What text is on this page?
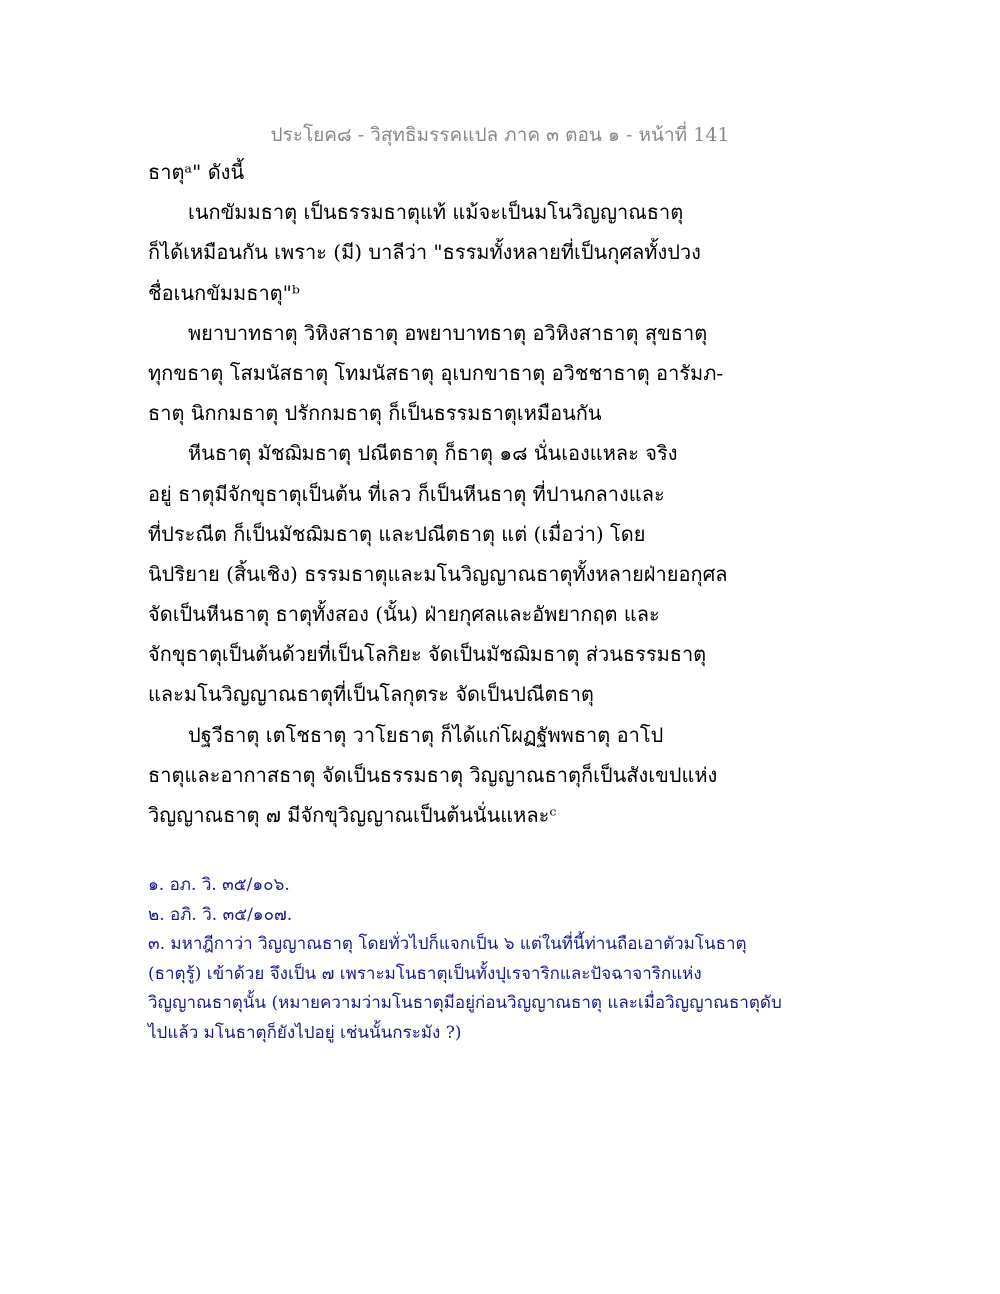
ประโยค๘ - วิสุทธิมรรคแปล ภาค ๓ ตอน ๑ - หน้าที่ 141
ธาตุᵃ" ดังนี้
เนกขัมมธาตุ เป็นธรรมธาตุแท้ แม้จะเป็นมโนวิญญาณธาตุ
ก็ได้เหมือนกัน เพราะ (มี) บาลีว่า "ธรรมทั้งหลายที่เป็นกุศลทั้งปวง
ชื่อเนกขัมมธาตุ"ᵇ
พยาบาทธาตุ วิหิงสาธาตุ อพยาบาทธาตุ อวิหิงสาธาตุ สุขธาตุ
ทุกขธาตุ โสมนัสธาตุ โทมนัสธาตุ อุเบกขาธาตุ อวิชชาธาตุ อารัมภ-
ธาตุ นิกกมธาตุ ปรักกมธาตุ ก็เป็นธรรมธาตุเหมือนกัน
หีนธาตุ มัชฌิมธาตุ ปณีตธาตุ ก็ธาตุ ๑๘ นั่นเองแหละ จริง
อยู่ ธาตุมีจักขุธาตุเป็นต้น ที่เลว ก็เป็นหีนธาตุ ที่ปานกลางและ
ที่ประณีต ก็เป็นมัชฌิมธาตุ และปณีตธาตุ แต่ (เมื่อว่า) โดย
นิปริยาย (สิ้นเชิง) ธรรมธาตุและมโนวิญญาณธาตุทั้งหลายฝ่ายอกุศล
จัดเป็นหีนธาตุ ธาตุทั้งสอง (นั้น) ฝ่ายกุศลและอัพยากฤต และ
จักขุธาตุเป็นต้นด้วยที่เป็นโลกิยะ จัดเป็นมัชฌิมธาตุ ส่วนธรรมธาตุ
และมโนวิญญาณธาตุที่เป็นโลกุตระ จัดเป็นปณีตธาตุ
ปฐวีธาตุ เตโชธาตุ วาโยธาตุ ก็ได้แก่โผฏฐัพพธาตุ อาโป
ธาตุและอากาสธาตุ จัดเป็นธรรมธาตุ วิญญาณธาตุก็เป็นสังเขปแห่ง
วิญญาณธาตุ ๗ มีจักขุวิญญาณเป็นต้นนั่นแหละᶜ
๑. อภ. วิ. ๓๕/๑๐๖.
๒. อภิ. วิ. ๓๕/๑๐๗.
๓. มหาฎีกาว่า วิญญาณธาตุ โดยทั่วไปก็แจกเป็น ๖ แต่ในที่นี้ท่านถือเอาตัวมโนธาตุ
(ธาตุรู้) เข้าด้วย จึงเป็น ๗ เพราะมโนธาตุเป็นทั้งปุเรจาริกและปัจฉาจาริกแห่ง
วิญญาณธาตุนั้น (หมายความว่ามโนธาตุมีอยู่ก่อนวิญญาณธาตุ และเมื่อวิญญาณธาตุดับ
ไปแล้ว มโนธาตุก็ยังไปอยู่ เช่นนั้นกระมัง ?)
